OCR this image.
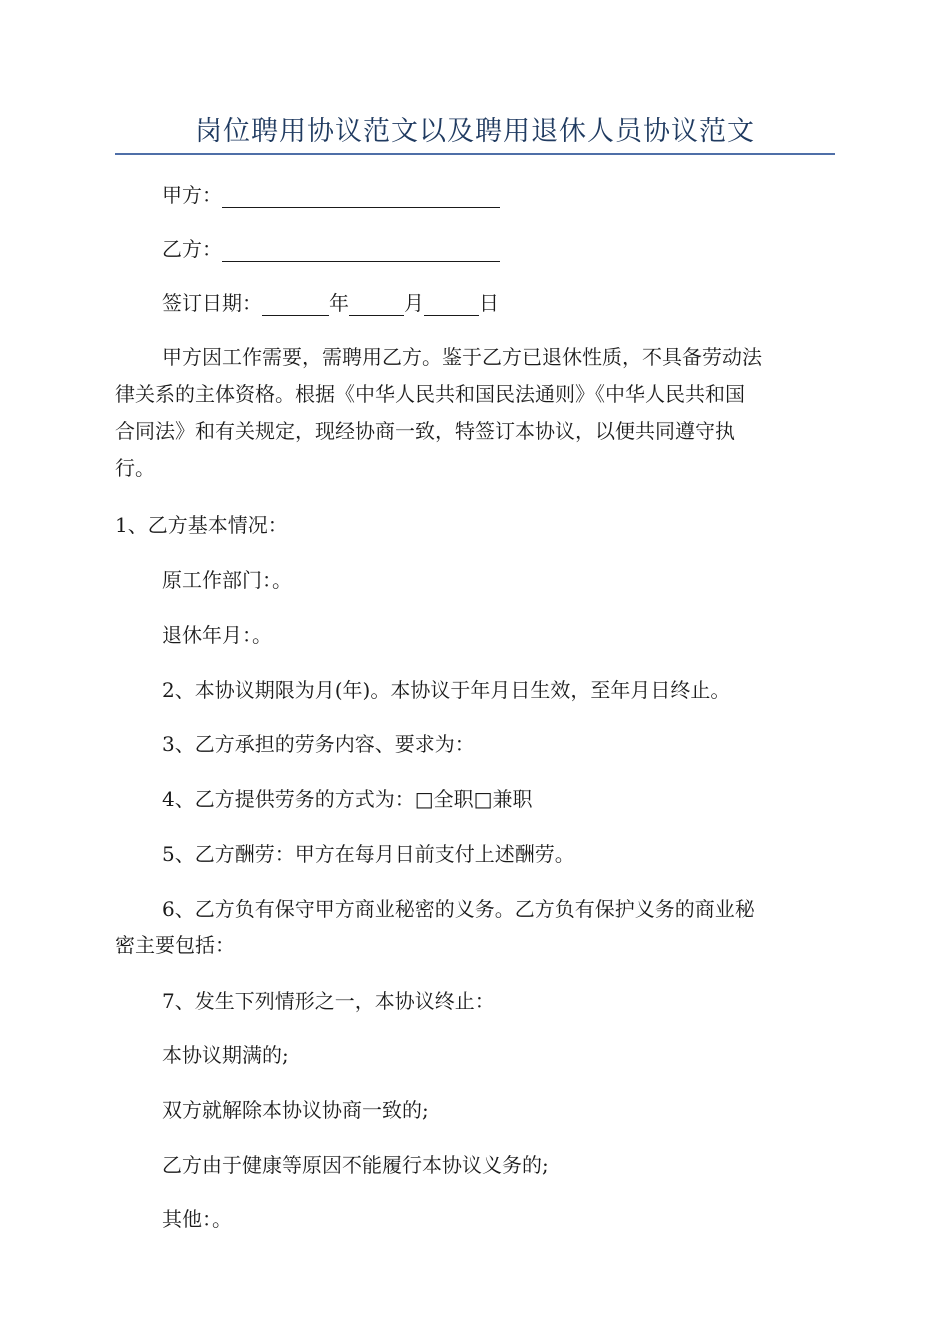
岗位聘用协议范文以及聘用退休人员协议范文
甲方：
乙方：
签订日期：	年	月	日
甲方因工作需要，需聘用乙方。鉴于乙方已退休性质，不具备劳动法
律关系的主体资格。根据《中华人民共和国民法通则》《中华人民共和国
合同法》和有关规定，现经协商一致，特签订本协议，以便共同遵守执
行。
1、乙方基本情况：
原工作部门：。
退休年月：。
2、本协议期限为月(年)。本协议于年月日生效，至年月日终止。
3、乙方承担的劳务内容、要求为：
4、乙方提供劳务的方式为：□全职□兼职
5、乙方酬劳：甲方在每月日前支付上述酬劳。
6、乙方负有保守甲方商业秘密的义务。乙方负有保护义务的商业秘
密主要包括：
7、发生下列情形之一，本协议终止：
本协议期满的;
双方就解除本协议协商一致的;
乙方由于健康等原因不能履行本协议义务的;
其他：。
